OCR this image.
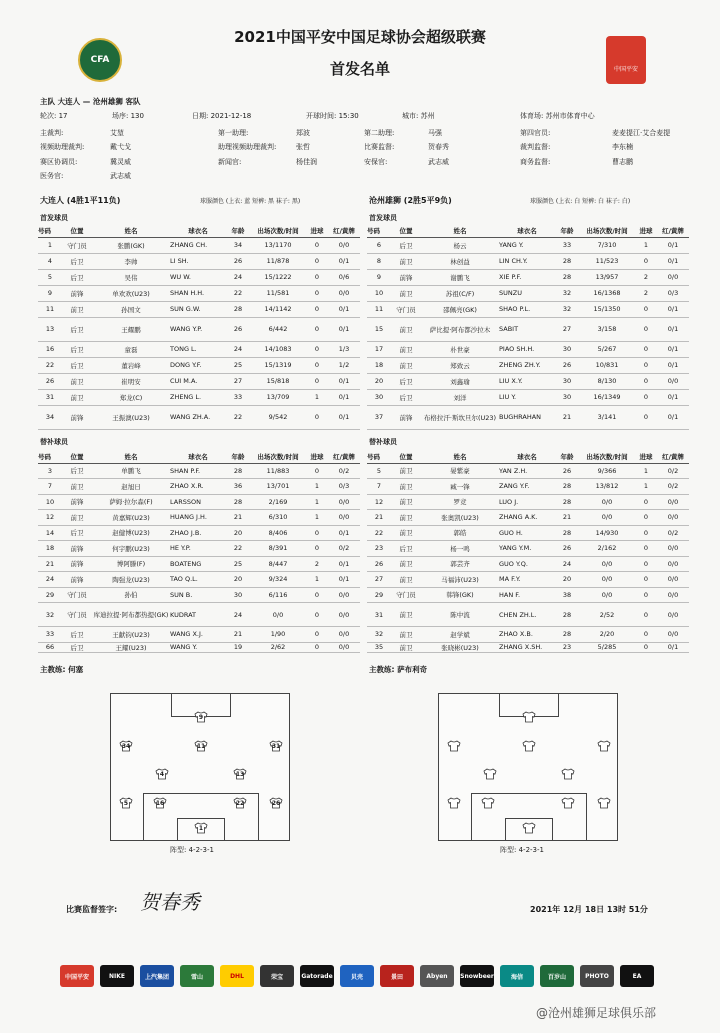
CFA
2021中国平安中国足球协会超级联赛
首发名单	中国平安
主队 大连人 — 沧州雄狮 客队
轮次: 17	场序: 130	日期: 2021-12-18	开球时间: 15:30	城市: 苏州	体育场: 苏州市体育中心
主裁判:	艾堃	第一助理:	郑波	第二助理:	马强	第四官员:	麦麦提江·艾合麦提
视频助理裁判:	戴弋戈	助理视频助理裁判:	张哲	比赛监督:	贺春秀	裁判监督:	李东楠
赛区协调员:	冀灵威	新闻官:	杨佳润	安保官:	武志威	商务监督:	曹志鹏
医务官:	武志威
大连人 (4胜1平11负)	球服颜色 (上衣: 蓝 短裤: 黑 袜子: 黑)
首发球员
替补球员
沧州雄狮 (2胜5平9负)	球服颜色 (上衣: 白 短裤: 白 袜子: 白)
首发球员
替补球员
号码	位置	姓名	球衣名	年龄	出场次数/时间	进球	红/黄牌
1	守门员	张鹏(GK)	ZHANG CH.	34	13/1170	0	0/0
4	后卫	李帅	LI SH.	26	11/878	0	0/1
5	后卫	吴伟	WU W.	24	15/1222	0	0/6
9	前锋	单欢欢(U23)	SHAN H.H.	22	11/581	0	0/0
11	前卫	孙国文	SUN G.W.	28	14/1142	0	0/1
13	后卫	王耀鹏	WANG Y.P.	26	6/442	0	0/1
16	后卫	童磊	TONG L.	24	14/1083	0	1/3
22	后卫	董岩峰	DONG Y.F.	25	15/1319	0	1/2
26	前卫	崔明安	CUI M.A.	27	15/818	0	0/1
31	前卫	郑龙(C)	ZHENG L.	33	13/709	1	0/1
34	前锋	王振澳(U23)	WANG ZH.A.	22	9/542	0	0/1
号码	位置	姓名	球衣名	年龄	出场次数/时间	进球	红/黄牌
6	后卫	杨云	YANG Y.	33	7/310	1	0/1
8	前卫	林创益	LIN CH.Y.	28	11/523	0	0/1
9	前锋	谢鹏飞	XIE P.F.	28	13/957	2	0/0
10	前卫	苏祖(C/F)	SUNZU	32	16/1368	2	0/3
11	守门员	邵佩亮(GK)	SHAO P.L.	32	15/1350	0	0/1
15	前卫	萨比提·阿布都沙拉木	SABIT	27	3/158	0	0/1
17	前卫	朴世豪	PIAO SH.H.	30	5/267	0	0/1
18	前卫	郑致云	ZHENG ZH.Y.	26	10/831	0	0/1
20	后卫	刘鑫瑜	LIU X.Y.	30	8/130	0	0/0
30	后卫	刘洋	LIU Y.	30	16/1349	0	0/1
37	前锋	布格拉汗·斯坎旦尔(U23)	BUGHRAHAN	21	3/141	0	0/1
号码	位置	姓名	球衣名	年龄	出场次数/时间	进球	红/黄牌
3	后卫	单鹏飞	SHAN P.F.	28	11/883	0	0/2
7	前卫	赵旭日	ZHAO X.R.	36	13/701	1	0/3
10	前锋	萨姆·拉尔森(F)	LARSSON	28	2/169	1	0/0
12	前卫	黄嘉辉(U23)	HUANG J.H.	21	6/310	1	0/0
14	后卫	赵健博(U23)	ZHAO J.B.	20	8/406	0	0/1
18	前锋	何宇鹏(U23)	HE Y.P.	22	8/391	0	0/2
21	前锋	博阿滕(F)	BOATENG	25	8/447	2	0/1
24	前锋	陶强龙(U23)	TAO Q.L.	20	9/324	1	0/1
29	守门员	孙伯	SUN B.	30	6/116	0	0/0
32	守门员	库迪拉提·阿布都热提(GK)	KUDRAT	24	0/0	0	0/0
33	后卫	王献钧(U23)	WANG X.J.	21	1/90	0	0/0
66	后卫	王耀(U23)	WANG Y.	19	2/62	0	0/0
号码	位置	姓名	球衣名	年龄	出场次数/时间	进球	红/黄牌
5	前卫	晏紫豪	YAN Z.H.	26	9/366	1	0/2
7	前卫	臧一锋	ZANG Y.F.	28	13/812	1	0/2
12	前卫	罗竞	LUO J.	28	0/0	0	0/0
21	前卫	张奥凯(U23)	ZHANG A.K.	21	0/0	0	0/0
22	前卫	郭皓	GUO H.	28	14/930	0	0/2
23	后卫	杨一鸣	YANG Y.M.	26	2/162	0	0/0
26	前卫	郭芸齐	GUO Y.Q.	24	0/0	0	0/0
27	前卫	马福沛(U23)	MA F.Y.	20	0/0	0	0/0
29	守门员	韩锋(GK)	HAN F.	38	0/0	0	0/0
31	前卫	陈中流	CHEN ZH.L.	28	2/52	0	0/0
32	前卫	赵学斌	ZHAO X.B.	28	2/20	0	0/0
35	前卫	张晓彬(U23)	ZHANG X.SH.	23	5/285	0	0/1
主教练: 何塞	主教练: 萨布利奇
9
34	11	31
4	13
5	16	22	26
1
阵型: 4-2-3-1	阵型: 4-2-3-1
比赛监督签字: 贺春秀	2021年 12月 18日 13时 51分
中国平安	NIKE	上汽集团	雪山	DHL	荣宝	Gatorade	贝壳	景田	Abyen	Snowbeer	海信	百岁山	PHOTO	EA
@沧州雄狮足球俱乐部
